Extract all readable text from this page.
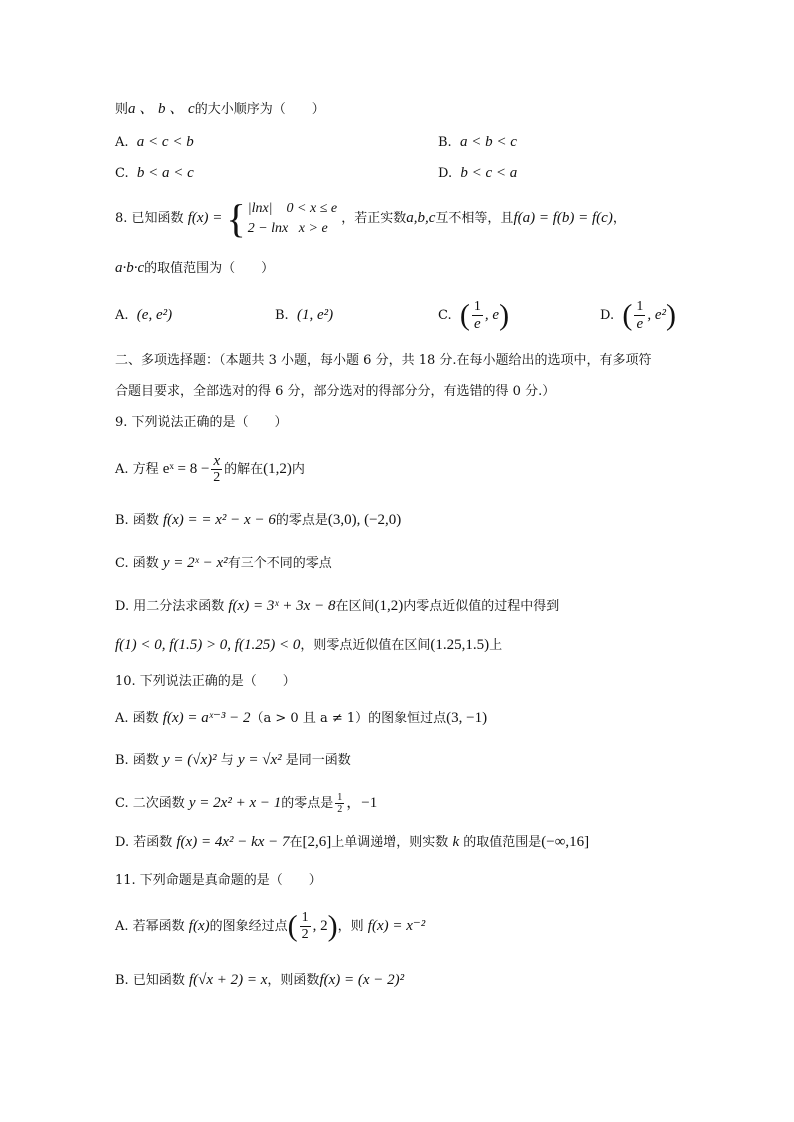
则a 、 b 、 c的大小顺序为（　　）
A. a < c < b	B. a < b < c
C. b < a < c	D. b < c < a
8. 已知函数 f(x) = { |lnx| 0 < x ≤ e
2 − lnx x > e
，若正实数a,b,c互不相等，且f(a) = f(b) = f(c)，
a·b·c的取值范围为（　　）
A. (e, e²)	B. (1, e²)	C. ( $\frac{1}{e}$ , e)	D. ( $\frac{1}{e}$ , e²)
二、多项选择题：（本题共 3 小题，每小题 6 分，共 18 分.在每小题给出的选项中，有多项符
合题目要求，全部选对的得 6 分，部分选对的得部分分，有选错的得 0 分.）
9. 下列说法正确的是（　　）
A. 方程 eˣ = $8 - \frac{x}{2}$ 的解在(1,2)内
B. 函数 f(x) = = x² − x − 6的零点是(3,0), (−2,0)
C. 函数 y = 2ˣ − x²有三个不同的零点
D. 用二分法求函数 f(x) = 3ˣ + 3x − 8在区间(1,2)内零点近似值的过程中得到
f(1) < 0, f(1.5) > 0, f(1.25) < 0，则零点近似值在区间(1.25,1.5)上
10. 下列说法正确的是（　　）
A. 函数 f(x) = aˣ⁻³ − 2（a > 0 且 a ≠ 1）的图象恒过点(3, −1)
B. 函数 y = (√x)² 与 y = √x² 是同一函数
C. 二次函数 y = 2x² + x − 1的零点是 $\frac{1}{2}$ ，−1
D. 若函数 f(x) = 4x² − kx − 7在[2,6]上单调递增，则实数 k 的取值范围是(−∞,16]
11. 下列命题是真命题的是（　　）
A. 若幂函数 f(x)的图象经过点( $\frac{1}{2}$ , 2)，则 f(x) = x⁻²
B. 已知函数 f(√x + 2) = x，则函数f(x) = (x − 2)²
